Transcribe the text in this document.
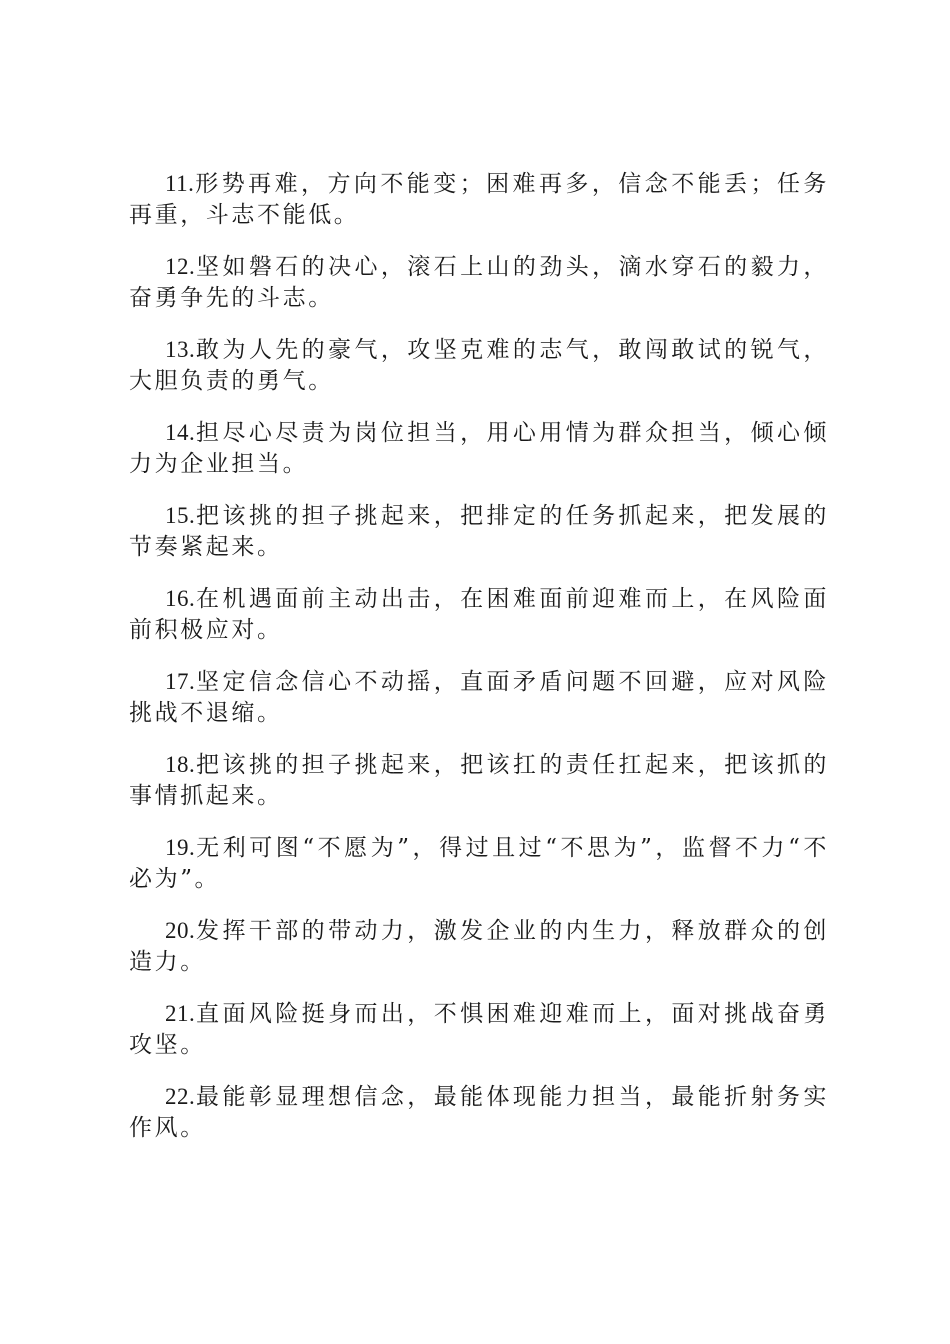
11.形势再难，方向不能变；困难再多，信念不能丢；任务再重，斗志不能低。

12.坚如磐石的决心，滚石上山的劲头，滴水穿石的毅力，奋勇争先的斗志。

13.敢为人先的豪气，攻坚克难的志气，敢闯敢试的锐气，大胆负责的勇气。

14.担尽心尽责为岗位担当，用心用情为群众担当，倾心倾力为企业担当。

15.把该挑的担子挑起来，把排定的任务抓起来，把发展的节奏紧起来。

16.在机遇面前主动出击，在困难面前迎难而上，在风险面前积极应对。

17.坚定信念信心不动摇，直面矛盾问题不回避，应对风险挑战不退缩。

18.把该挑的担子挑起来，把该扛的责任扛起来，把该抓的事情抓起来。

19.无利可图“不愿为”，得过且过“不思为”，监督不力“不必为”。

20.发挥干部的带动力，激发企业的内生力，释放群众的创造力。

21.直面风险挺身而出，不惧困难迎难而上，面对挑战奋勇攻坚。

22.最能彰显理想信念，最能体现能力担当，最能折射务实作风。
